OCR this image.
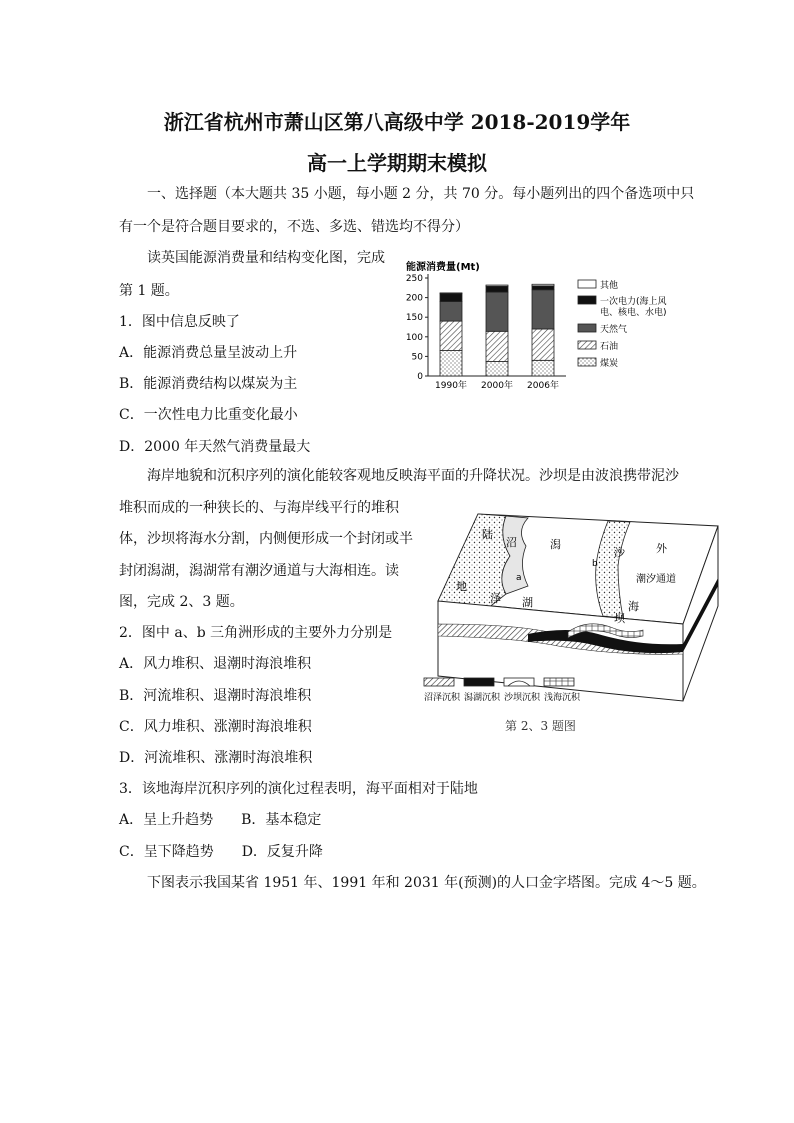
浙江省杭州市萧山区第八高级中学 2018-2019学年
高一上学期期末模拟
一、选择题（本大题共 35 小题，每小题 2 分，共 70 分。每小题列出的四个备选项中只
有一个是符合题目要求的，不选、多选、错选均不得分）
读英国能源消费量和结构变化图，完成
第 1 题。
1．图中信息反映了
A．能源消费总量呈波动上升
B．能源消费结构以煤炭为主
C．一次性电力比重变化最小
D．2000 年天然气消费量最大
能源消费量(Mt)
0
50
100
150
200
250
1990年 2000年 2006年
其他
一次电力(海上风
电、核电、水电)
天然气
石油
煤炭
海岸地貌和沉积序列的演化能较客观地反映海平面的升降状况。沙坝是由波浪携带泥沙
堆积而成的一种狭长的、与海岸线平行的堆积
体，沙坝将海水分割，内侧便形成一个封闭或半
封闭潟湖，潟湖常有潮汐通道与大海相连。读
图，完成 2、3 题。
2．图中 a、b 三角洲形成的主要外力分别是
A．风力堆积、退潮时海浪堆积
B．河流堆积、退潮时海浪堆积
C．风力堆积、涨潮时海浪堆积
D．河流堆积、涨潮时海浪堆积
3．该地海岸沉积序列的演化过程表明，海平面相对于陆地
A．呈上升趋势　　B．基本稳定
C．呈下降趋势　　D．反复升降
下图表示我国某省 1951 年、1991 年和 2031 年(预测)的人口金字塔图。完成 4～5 题。
陆
地
沼
泽
潟
湖
沙
坝
外
海
潮汐通道
a
b
沼泽沉积 潟湖沉积 沙坝沉积 浅海沉积
第 2、3 题图
